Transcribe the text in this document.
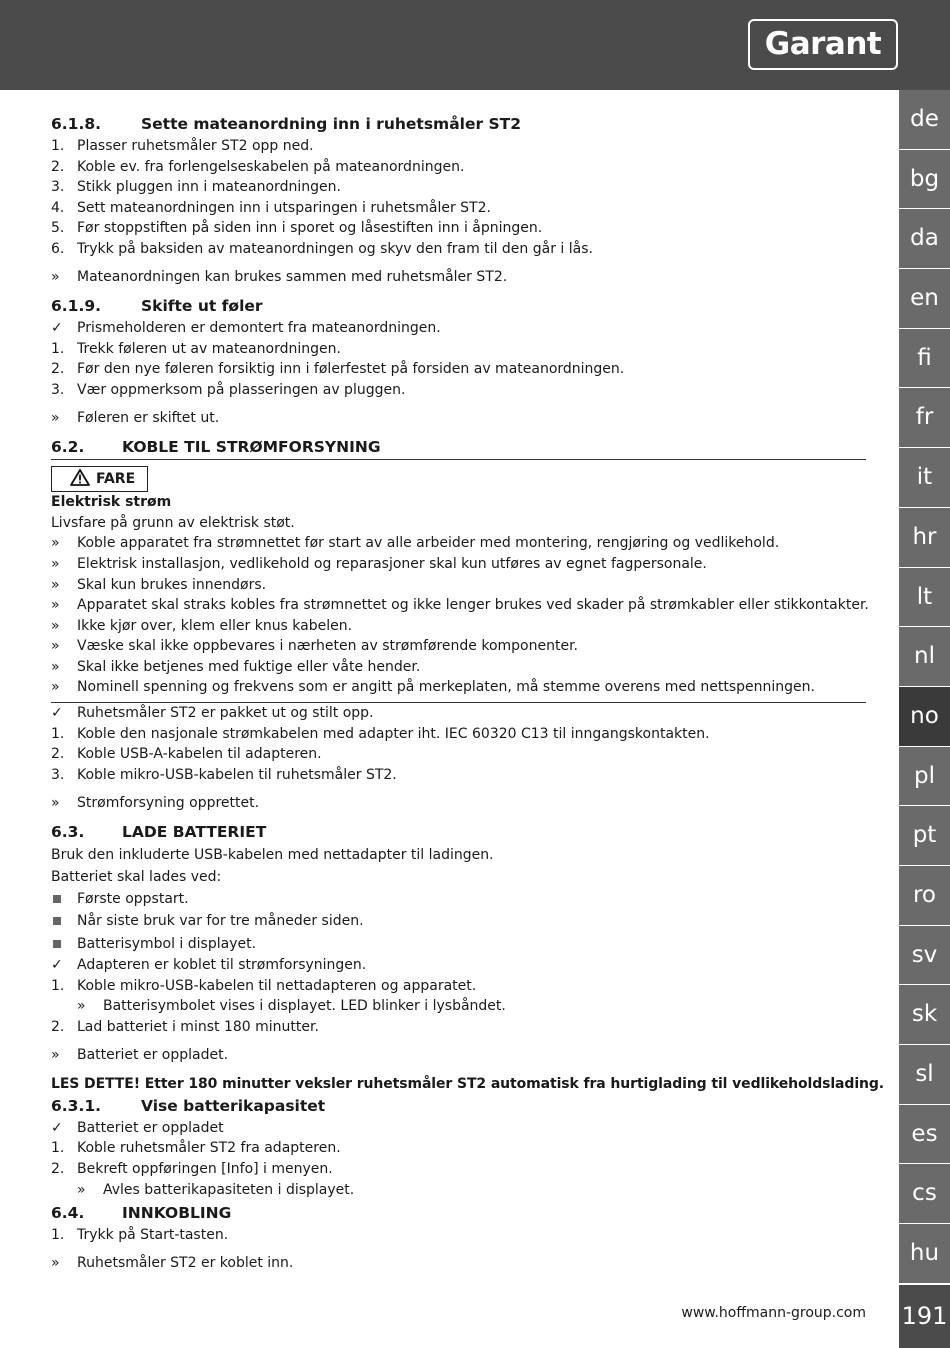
Garant
de
bg
da
en
fi
fr
it
hr
lt
nl
no
pl
pt
ro
sv
sk
sl
es
cs
hu
191
www.hoffmann-group.com
6.1.8.	Sette mateanordning inn i ruhetsmåler ST2
1. Plasser ruhetsmåler ST2 opp ned.
2. Koble ev. fra forlengelseskabelen på mateanordningen.
3. Stikk pluggen inn i mateanordningen.
4. Sett mateanordningen inn i utsparingen i ruhetsmåler ST2.
5. Før stoppstiften på siden inn i sporet og låsestiften inn i åpningen.
6. Trykk på baksiden av mateanordningen og skyv den fram til den går i lås.
»	Mateanordningen kan brukes sammen med ruhetsmåler ST2.
6.1.9.	Skifte ut føler
✓	Prismeholderen er demontert fra mateanordningen.
1. Trekk føleren ut av mateanordningen.
2. Før den nye føleren forsiktig inn i følerfestet på forsiden av mateanordningen.
3. Vær oppmerksom på plasseringen av pluggen.
»	Føleren er skiftet ut.
6.2. KOBLE TIL STRØMFORSYNING
FARE
Elektrisk strøm
Livsfare på grunn av elektrisk støt.
»	Koble apparatet fra strømnettet før start av alle arbeider med montering, rengjøring og vedlikehold.
»	Elektrisk installasjon, vedlikehold og reparasjoner skal kun utføres av egnet fagpersonale.
»	Skal kun brukes innendørs.
»	Apparatet skal straks kobles fra strømnettet og ikke lenger brukes ved skader på strømkabler eller stikkontakter.
»	Ikke kjør over, klem eller knus kabelen.
»	Væske skal ikke oppbevares i nærheten av strømførende komponenter.
»	Skal ikke betjenes med fuktige eller våte hender.
»	Nominell spenning og frekvens som er angitt på merkeplaten, må stemme overens med nettspenningen.
✓	Ruhetsmåler ST2 er pakket ut og stilt opp.
1. Koble den nasjonale strømkabelen med adapter iht. IEC 60320 C13 til inngangskontakten.
2. Koble USB-A-kabelen til adapteren.
3. Koble mikro-USB-kabelen til ruhetsmåler ST2.
»	Strømforsyning opprettet.
6.3. LADE BATTERIET
Bruk den inkluderte USB-kabelen med nettadapter til ladingen.
Batteriet skal lades ved:
Første oppstart.
Når siste bruk var for tre måneder siden.
Batterisymbol i displayet.
✓	Adapteren er koblet til strømforsyningen.
1. Koble mikro-USB-kabelen til nettadapteren og apparatet.
»	Batterisymbolet vises i displayet. LED blinker i lysbåndet.
2. Lad batteriet i minst 180 minutter.
»	Batteriet er oppladet.
LES DETTE! Etter 180 minutter veksler ruhetsmåler ST2 automatisk fra hurtiglading til vedlikeholdslading.
6.3.1.	Vise batterikapasitet
✓	Batteriet er oppladet
1. Koble ruhetsmåler ST2 fra adapteren.
2. Bekreft oppføringen [Info] i menyen.
»	Avles batterikapasiteten i displayet.
6.4. INNKOBLING
1. Trykk på Start-tasten.
»	Ruhetsmåler ST2 er koblet inn.
